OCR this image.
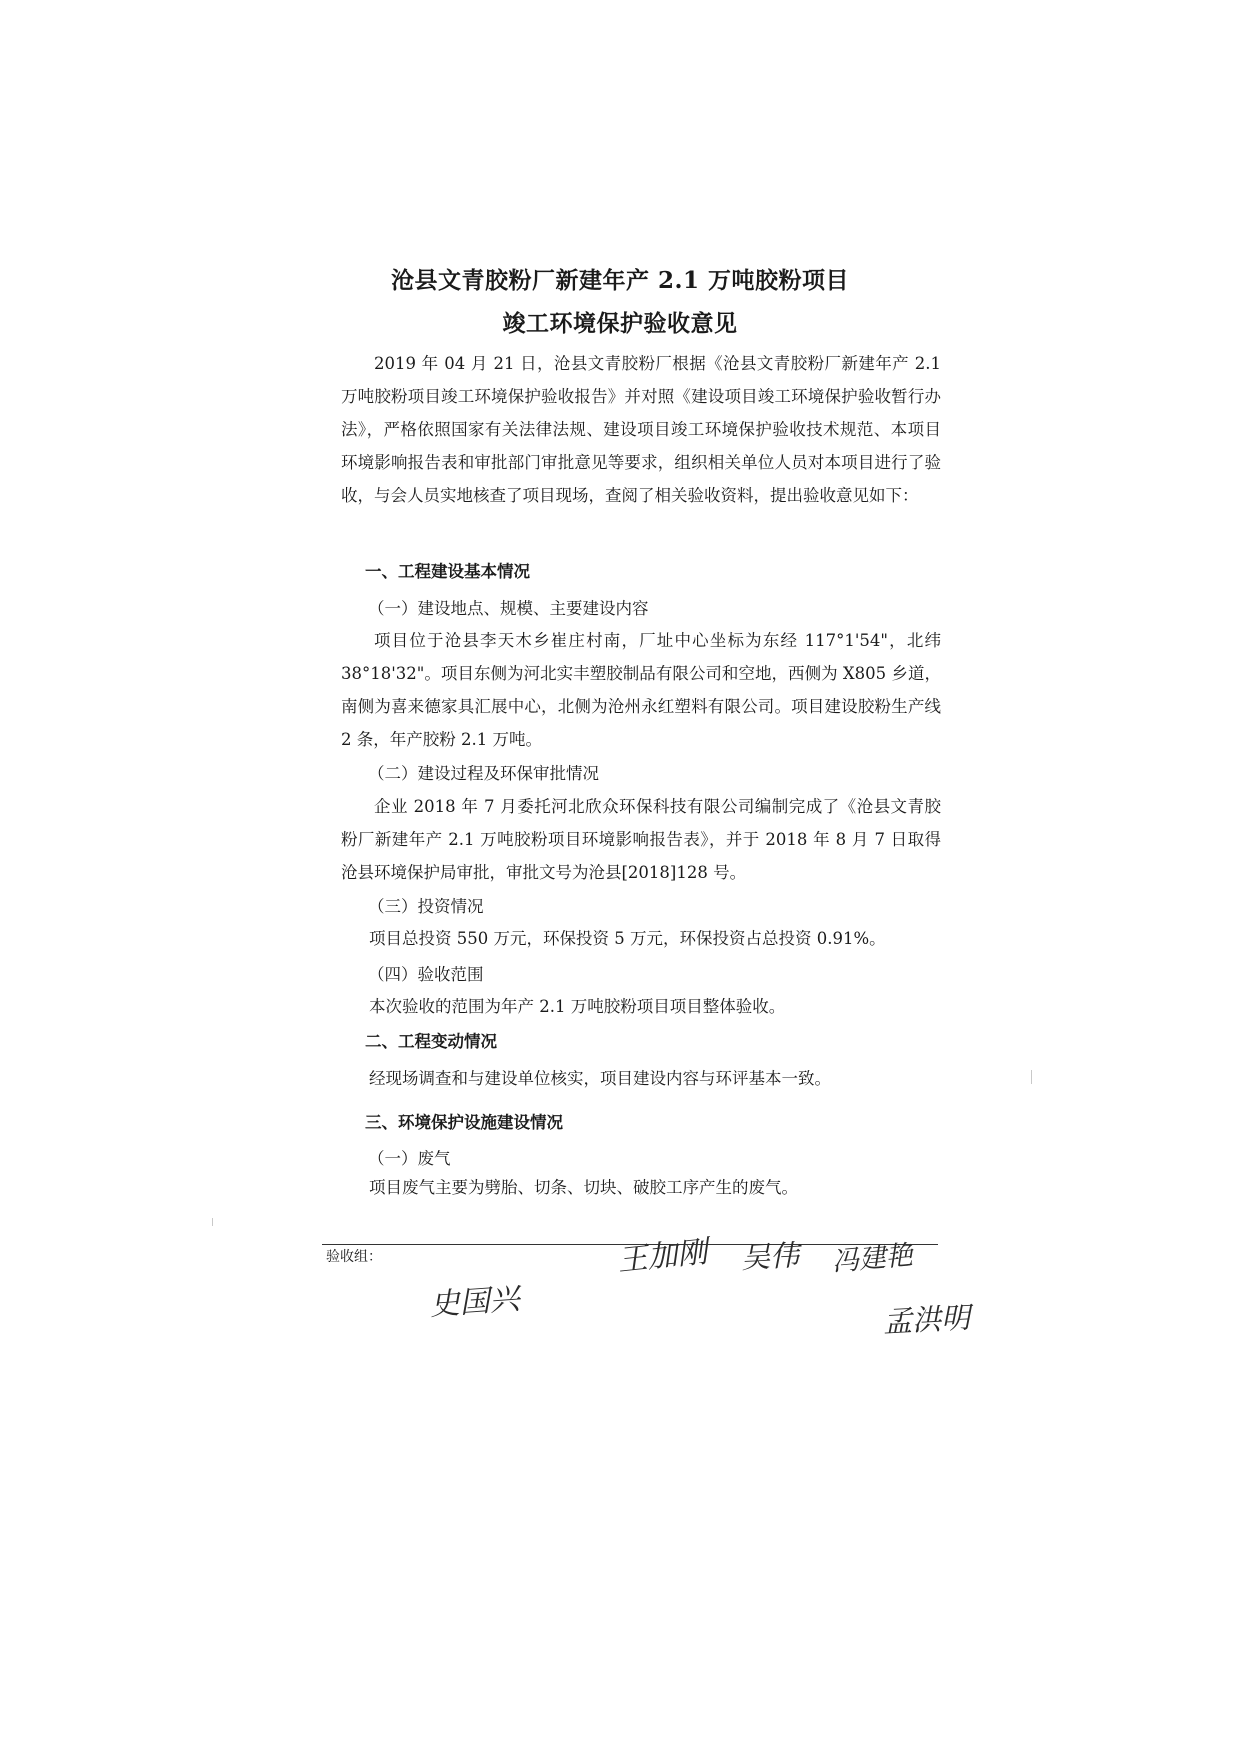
沧县文青胶粉厂新建年产 2.1 万吨胶粉项目
竣工环境保护验收意见

2019 年 04 月 21 日，沧县文青胶粉厂根据《沧县文青胶粉厂新建年产 2.1 万吨胶粉项目竣工环境保护验收报告》并对照《建设项目竣工环境保护验收暂行办法》，严格依照国家有关法律法规、建设项目竣工环境保护验收技术规范、本项目环境影响报告表和审批部门审批意见等要求，组织相关单位人员对本项目进行了验收，与会人员实地核查了项目现场，查阅了相关验收资料，提出验收意见如下：

一、工程建设基本情况
（一）建设地点、规模、主要建设内容

项目位于沧县李天木乡崔庄村南，厂址中心坐标为东经 117°1'54"，北纬 38°18'32"。项目东侧为河北实丰塑胶制品有限公司和空地，西侧为 X805 乡道，南侧为喜来德家具汇展中心，北侧为沧州永红塑料有限公司。项目建设胶粉生产线 2 条，年产胶粉 2.1 万吨。

（二）建设过程及环保审批情况

企业 2018 年 7 月委托河北欣众环保科技有限公司编制完成了《沧县文青胶粉厂新建年产 2.1 万吨胶粉项目环境影响报告表》，并于 2018 年 8 月 7 日取得沧县环境保护局审批，审批文号为沧县[2018]128 号。

（三）投资情况
项目总投资 550 万元，环保投资 5 万元，环保投资占总投资 0.91%。
（四）验收范围
本次验收的范围为年产 2.1 万吨胶粉项目项目整体验收。
二、工程变动情况
经现场调查和与建设单位核实，项目建设内容与环评基本一致。
三、环境保护设施建设情况
（一）废气
项目废气主要为劈胎、切条、切块、破胶工序产生的废气。
验收组：
史国兴
王加刚 吴伟 冯建艳
孟洪明
